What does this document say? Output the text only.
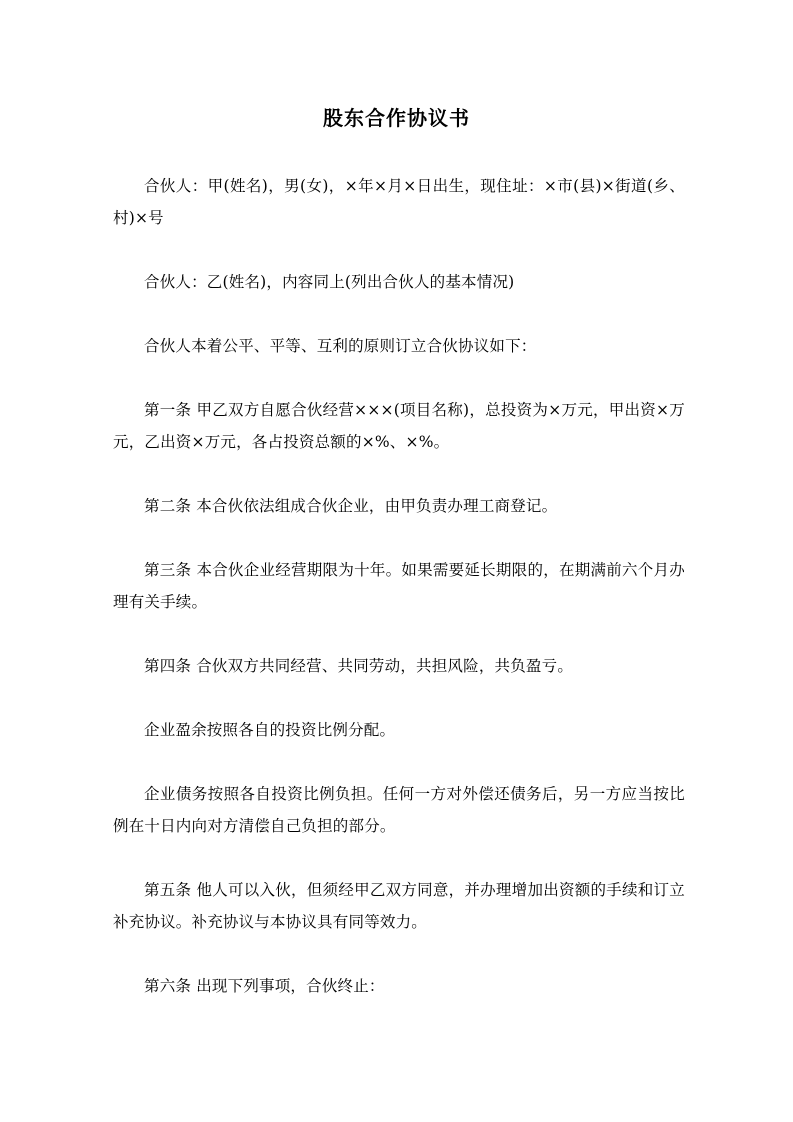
股东合作协议书

合伙人：甲(姓名)，男(女)，×年×月×日出生，现住址：×市(县)×街道(乡、村)×号

合伙人：乙(姓名)，内容同上(列出合伙人的基本情况)

合伙人本着公平、平等、互利的原则订立合伙协议如下：

第一条 甲乙双方自愿合伙经营×××(项目名称)，总投资为×万元，甲出资×万元，乙出资×万元，各占投资总额的×%、×%。

第二条 本合伙依法组成合伙企业，由甲负责办理工商登记。

第三条 本合伙企业经营期限为十年。如果需要延长期限的，在期满前六个月办理有关手续。

第四条 合伙双方共同经营、共同劳动，共担风险，共负盈亏。

企业盈余按照各自的投资比例分配。

企业债务按照各自投资比例负担。任何一方对外偿还债务后，另一方应当按比例在十日内向对方清偿自己负担的部分。

第五条 他人可以入伙，但须经甲乙双方同意，并办理增加出资额的手续和订立补充协议。补充协议与本协议具有同等效力。

第六条 出现下列事项，合伙终止：
